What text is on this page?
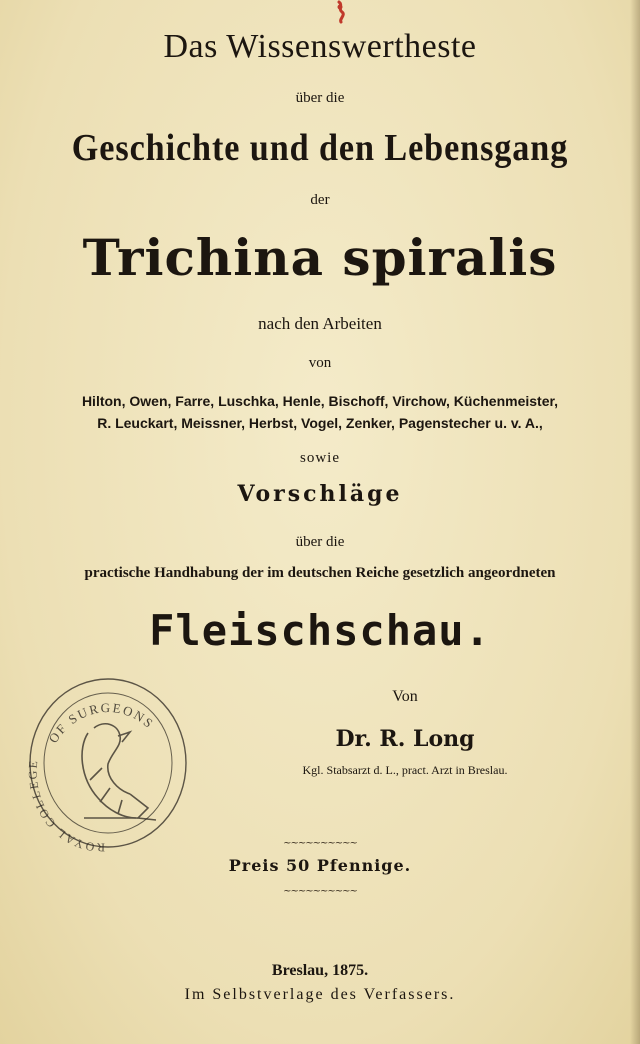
Das Wissenswertheste
über die
Geschichte und den Lebensgang
der
Trichina spiralis
nach den Arbeiten
von
Hilton, Owen, Farre, Luschka, Henle, Bischoff, Virchow, Küchenmeister,
R. Leuckart, Meissner, Herbst, Vogel, Zenker, Pagenstecher u. v. A.,
sowie
Vorschläge
über die
practische Handhabung der im deutschen Reiche gesetzlich angeordneten
Fleischschau.
OF SURGEONS
ROYAL COLLEGE
Von
Dr. R. Long
Kgl. Stabsarzt d. L., pract. Arzt in Breslau.
~~~~~~~~~~
Preis 50 Pfennige.
~~~~~~~~~~
Breslau, 1875.
Im Selbstverlage des Verfassers.
